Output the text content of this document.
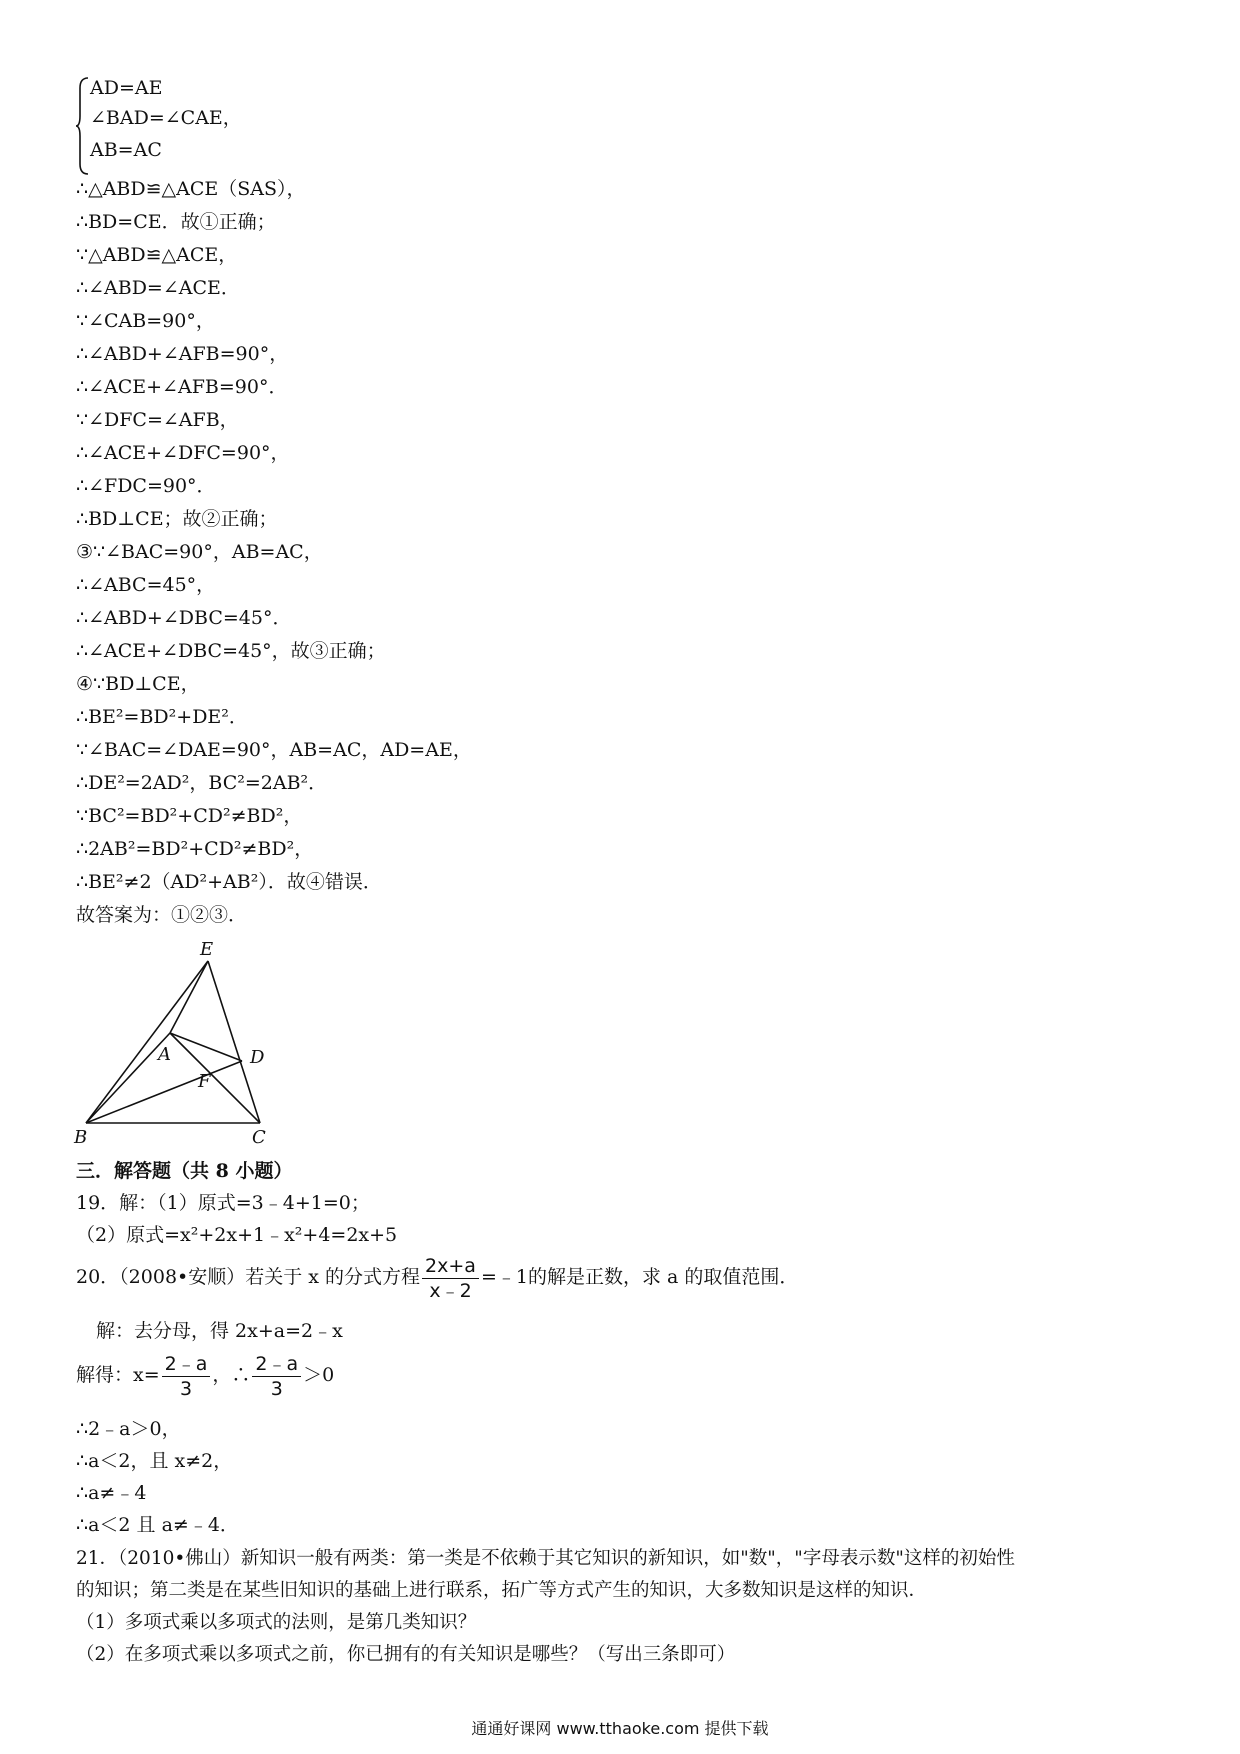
AD=AE
∠BAD=∠CAE，
AB=AC
∴△ABD≌△ACE（SAS），
∴BD=CE．故①正确；
∵△ABD≌△ACE，
∴∠ABD=∠ACE．
∵∠CAB=90°，
∴∠ABD+∠AFB=90°，
∴∠ACE+∠AFB=90°．
∵∠DFC=∠AFB，
∴∠ACE+∠DFC=90°，
∴∠FDC=90°．
∴BD⊥CE；故②正确；
③∵∠BAC=90°，AB=AC，
∴∠ABC=45°，
∴∠ABD+∠DBC=45°．
∴∠ACE+∠DBC=45°，故③正确；
④∵BD⊥CE，
∴BE²=BD²+DE²．
∵∠BAC=∠DAE=90°，AB=AC，AD=AE，
∴DE²=2AD²，BC²=2AB²．
∵BC²=BD²+CD²≠BD²，
∴2AB²=BD²+CD²≠BD²，
∴BE²≠2（AD²+AB²）．故④错误．
故答案为：①②③．
E
A	D
F
B	C
三．解答题（共 8 小题）
19．解：（1）原式=3﹣4+1=0；
（2）原式=x²+2x+1﹣x²+4=2x+5
20．（2008•安顺）若关于 x 的分式方程 $\frac{2x+a}{x﹣2}$ =﹣1的解是正数，求 a 的取值范围．
解：去分母，得 2x+a=2﹣x
解得：$x= \frac{2﹣a}{3}$ ，∴ $\frac{2﹣a}{3} >0$
∴2﹣a＞0，
∴a＜2，且 x≠2，
∴a≠﹣4
∴a＜2 且 a≠﹣4．
21．（2010•佛山）新知识一般有两类：第一类是不依赖于其它知识的新知识，如"数"，"字母表示数"这样的初始性
的知识；第二类是在某些旧知识的基础上进行联系，拓广等方式产生的知识，大多数知识是这样的知识．
（1）多项式乘以多项式的法则，是第几类知识？
（2）在多项式乘以多项式之前，你已拥有的有关知识是哪些？（写出三条即可）
通通好课网 www.tthaoke.com 提供下载
